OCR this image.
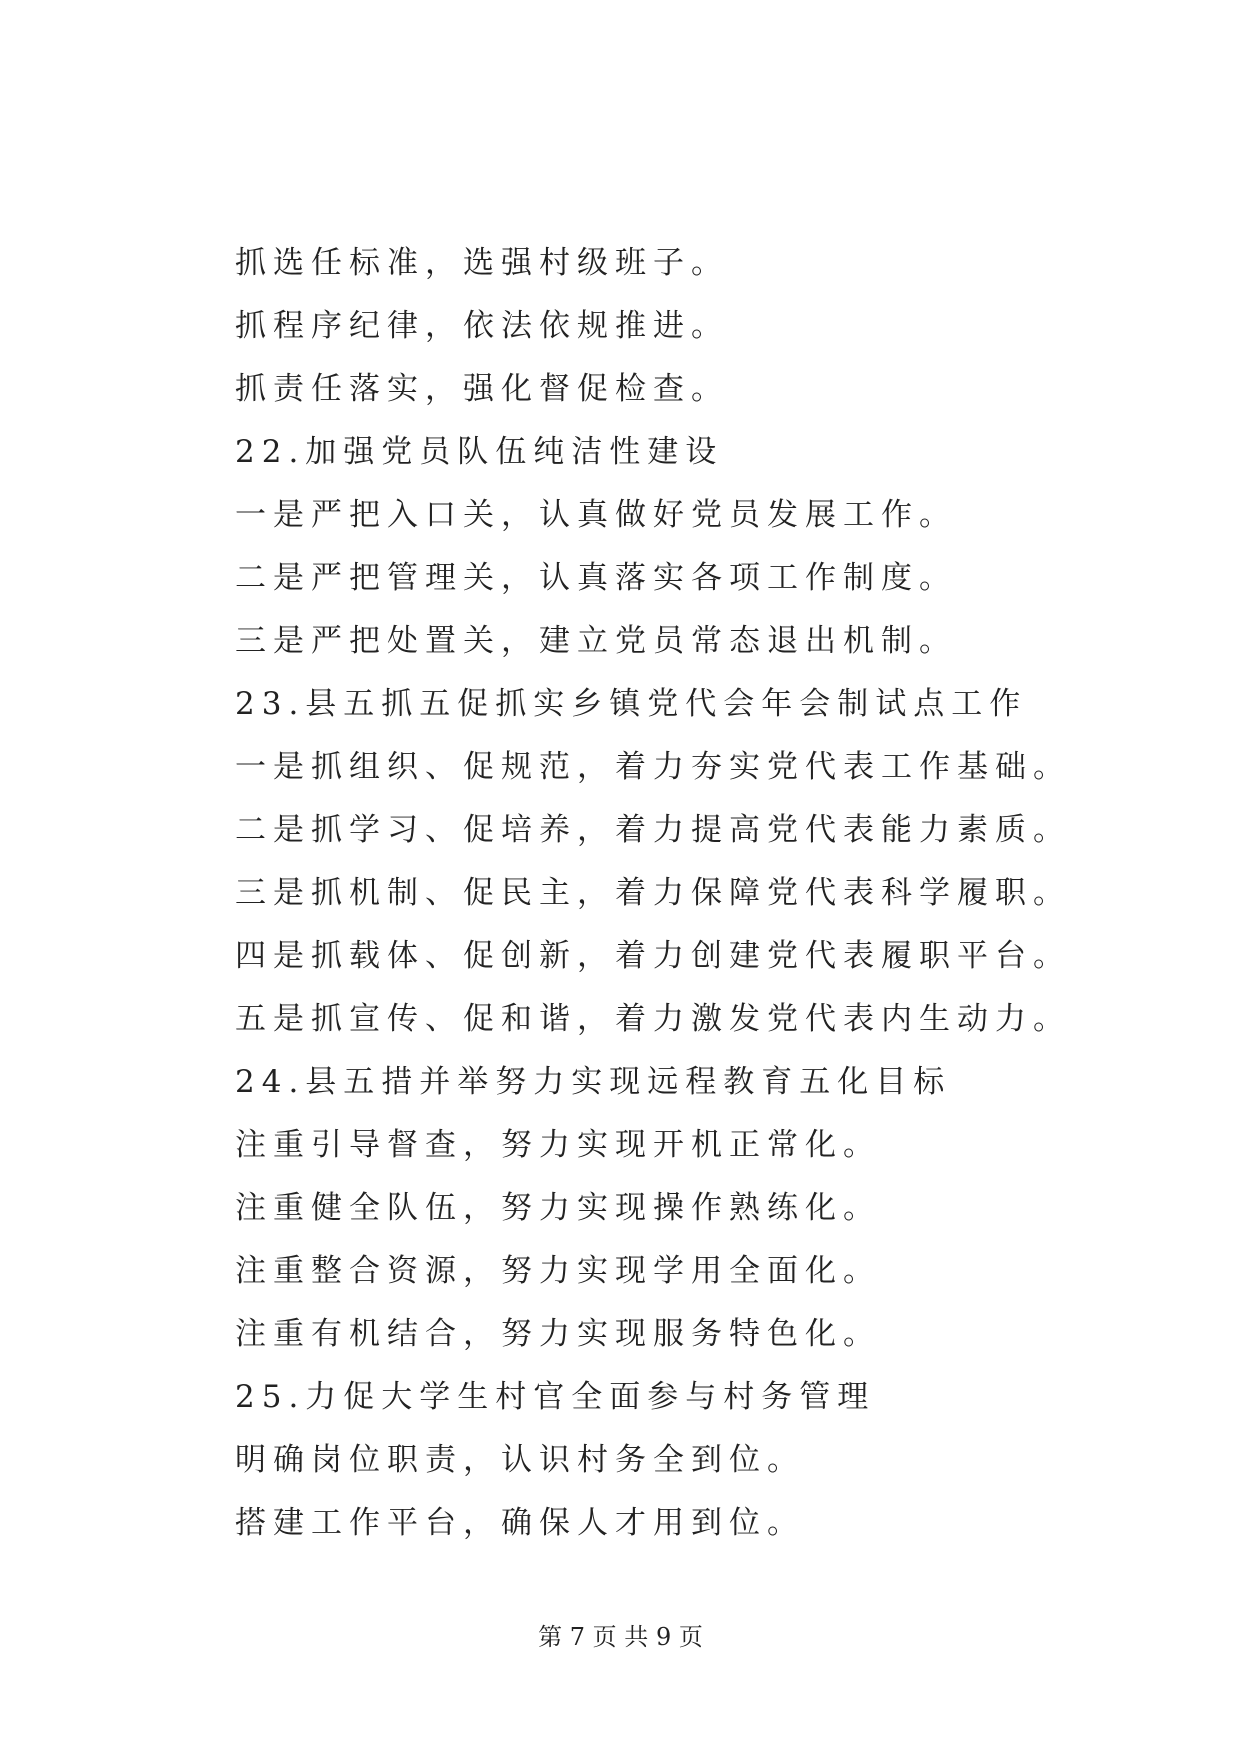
抓选任标准，选强村级班子。
抓程序纪律，依法依规推进。
抓责任落实，强化督促检查。
22.加强党员队伍纯洁性建设
一是严把入口关，认真做好党员发展工作。
二是严把管理关，认真落实各项工作制度。
三是严把处置关，建立党员常态退出机制。
23.县五抓五促抓实乡镇党代会年会制试点工作
一是抓组织、促规范，着力夯实党代表工作基础。
二是抓学习、促培养，着力提高党代表能力素质。
三是抓机制、促民主，着力保障党代表科学履职。
四是抓载体、促创新，着力创建党代表履职平台。
五是抓宣传、促和谐，着力激发党代表内生动力。
24.县五措并举努力实现远程教育五化目标
注重引导督查，努力实现开机正常化。
注重健全队伍，努力实现操作熟练化。
注重整合资源，努力实现学用全面化。
注重有机结合，努力实现服务特色化。
25.力促大学生村官全面参与村务管理
明确岗位职责，认识村务全到位。
搭建工作平台，确保人才用到位。
第 7 页 共 9 页
